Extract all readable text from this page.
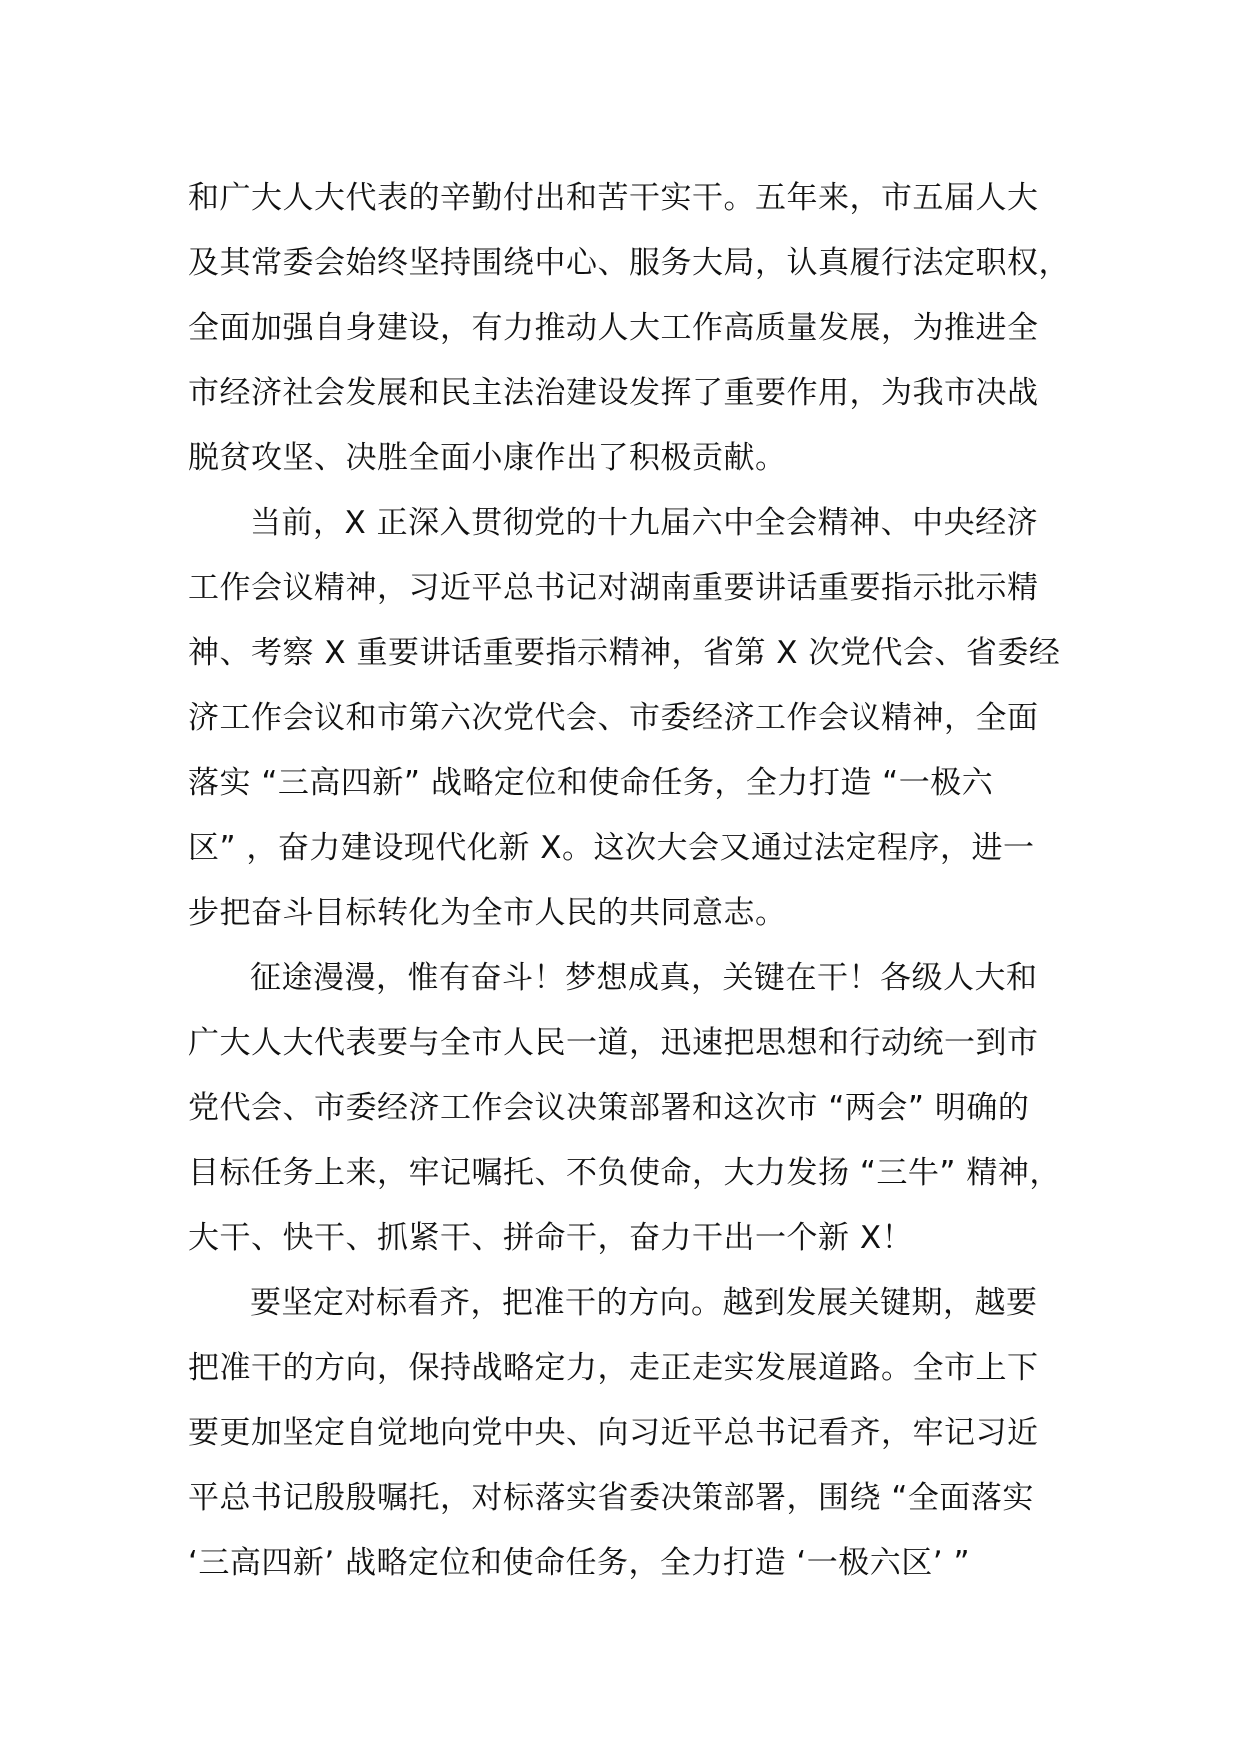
和广大人大代表的辛勤付出和苦干实干。五年来，市五届人大
及其常委会始终坚持围绕中心、服务大局，认真履行法定职权，
全面加强自身建设，有力推动人大工作高质量发展，为推进全
市经济社会发展和民主法治建设发挥了重要作用，为我市决战
脱贫攻坚、决胜全面小康作出了积极贡献。
当前，X 正深入贯彻党的十九届六中全会精神、中央经济
工作会议精神，习近平总书记对湖南重要讲话重要指示批示精
神、考察 X 重要讲话重要指示精神，省第 X 次党代会、省委经
济工作会议和市第六次党代会、市委经济工作会议精神，全面
落实 “三高四新” 战略定位和使命任务，全力打造 “一极六
区” ，奋力建设现代化新 X。这次大会又通过法定程序，进一
步把奋斗目标转化为全市人民的共同意志。
征途漫漫，惟有奋斗！梦想成真，关键在干！各级人大和
广大人大代表要与全市人民一道，迅速把思想和行动统一到市
党代会、市委经济工作会议决策部署和这次市 “两会” 明确的
目标任务上来，牢记嘱托、不负使命，大力发扬 “三牛” 精神，
大干、快干、抓紧干、拼命干，奋力干出一个新 X！
要坚定对标看齐，把准干的方向。越到发展关键期，越要
把准干的方向，保持战略定力，走正走实发展道路。全市上下
要更加坚定自觉地向党中央、向习近平总书记看齐，牢记习近
平总书记殷殷嘱托，对标落实省委决策部署，围绕 “全面落实
‘三高四新’ 战略定位和使命任务，全力打造 ‘一极六区’ ”
